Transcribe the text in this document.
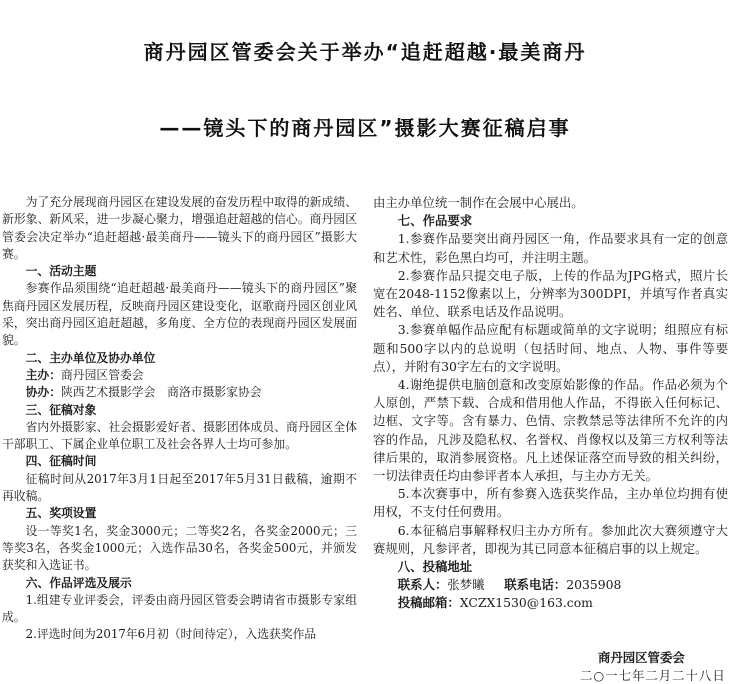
商丹园区管委会关于举办“追赶超越·最美商丹
——镜头下的商丹园区”摄影大赛征稿启事

为了充分展现商丹园区在建设发展的奋发历程中取得的新成绩、新形象、新风采，进一步凝心聚力，增强追赶超越的信心。商丹园区管委会决定举办“追赶超越·最美商丹——镜头下的商丹园区”摄影大赛。

一、活动主题

参赛作品须围绕“追赶超越·最美商丹——镜头下的商丹园区”聚焦商丹园区发展历程，反映商丹园区建设变化，讴歌商丹园区创业风采，突出商丹园区追赶超越，多角度、全方位的表现商丹园区发展面貌。

二、主办单位及协办单位

主办：商丹园区管委会

协办：陕西艺术摄影学会　商洛市摄影家协会

三、征稿对象

省内外摄影家、社会摄影爱好者、摄影团体成员、商丹园区全体干部职工、下属企业单位职工及社会各界人士均可参加。

四、征稿时间

征稿时间从2017年3月1日起至2017年5月31日截稿，逾期不再收稿。

五、奖项设置

设一等奖1名，奖金3000元；二等奖2名，各奖金2000元；三等奖3名，各奖金1000元；入选作品30名，各奖金500元，并颁发获奖和入选证书。

六、作品评选及展示

1.组建专业评委会，评委由商丹园区管委会聘请省市摄影专家组成。

2.评选时间为2017年6月初（时间待定），入选获奖作品

由主办单位统一制作在会展中心展出。

七、作品要求

1.参赛作品要突出商丹园区一角，作品要求具有一定的创意和艺术性，彩色黑白均可，并注明主题。

2.参赛作品只提交电子版，上传的作品为JPG格式，照片长宽在2048-1152像素以上，分辨率为300DPI，并填写作者真实姓名、单位、联系电话及作品说明。

3.参赛单幅作品应配有标题或简单的文字说明；组照应有标题和500字以内的总说明（包括时间、地点、人物、事件等要点），并附有30字左右的文字说明。

4.谢绝提供电脑创意和改变原始影像的作品。作品必须为个人原创，严禁下载、合成和借用他人作品，不得嵌入任何标记、边框、文字等。含有暴力、色情、宗教禁忌等法律所不允许的内容的作品，凡涉及隐私权、名誉权、肖像权以及第三方权利等法律后果的，取消参展资格。凡上述保证落空而导致的相关纠纷，一切法律责任均由参评者本人承担，与主办方无关。

5.本次赛事中，所有参赛入选获奖作品，主办单位均拥有使用权，不支付任何费用。

6.本征稿启事解释权归主办方所有。参加此次大赛须遵守大赛规则，凡参评者，即视为其已同意本征稿启事的以上规定。

八、投稿地址

联系人：张梦曦 联系电话：2035908

投稿邮箱：XCZX1530@163.com

商丹园区管委会
二○一七年二月二十八日
